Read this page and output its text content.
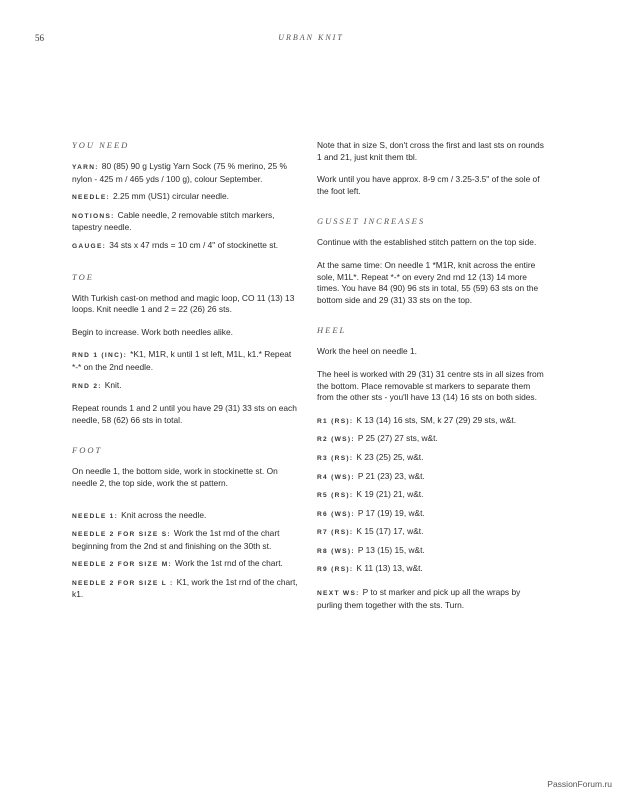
56	URBAN KNIT
YOU NEED

YARN: 80 (85) 90 g Lystig Yarn Sock (75 % merino, 25 % nylon - 425 m / 465 yds / 100 g), colour September.

NEEDLE: 2.25 mm (US1) circular needle.

NOTIONS: Cable needle, 2 removable stitch markers, tapestry needle.

GAUGE: 34 sts x 47 rnds = 10 cm / 4" of stockinette st.

TOE

With Turkish cast-on method and magic loop, CO 11 (13) 13 loops. Knit needle 1 and 2 = 22 (26) 26 sts.

Begin to increase. Work both needles alike.

RND 1 (INC): *K1, M1R, k until 1 st left, M1L, k1.* Repeat *-* on the 2nd needle.

RND 2: Knit.

Repeat rounds 1 and 2 until you have 29 (31) 33 sts on each needle, 58 (62) 66 sts in total.

FOOT

On needle 1, the bottom side, work in stockinette st. On needle 2, the top side, work the st pattern.

NEEDLE 1: Knit across the needle.

NEEDLE 2 FOR SIZE S: Work the 1st rnd of the chart beginning from the 2nd st and finishing on the 30th st.

NEEDLE 2 FOR SIZE M: Work the 1st rnd of the chart.

NEEDLE 2 FOR SIZE L : K1, work the 1st rnd of the chart, k1.

Note that in size S, don't cross the first and last sts on rounds 1 and 21, just knit them tbl.

Work until you have approx. 8-9 cm / 3.25-3.5" of the sole of the foot left.

GUSSET INCREASES

Continue with the established stitch pattern on the top side.

At the same time: On needle 1 *M1R, knit across the entire sole, M1L*. Repeat *-* on every 2nd rnd 12 (13) 14 more times. You have 84 (90) 96 sts in total, 55 (59) 63 sts on the bottom side and 29 (31) 33 sts on the top.

HEEL

Work the heel on needle 1.

The heel is worked with 29 (31) 31 centre sts in all sizes from the bottom. Place removable st markers to separate them from the other sts - you'll have 13 (14) 16 sts on both sides.

R1 (RS): K 13 (14) 16 sts, SM, k 27 (29) 29 sts, w&t.

R2 (WS): P 25 (27) 27 sts, w&t.

R3 (RS): K 23 (25) 25, w&t.

R4 (WS): P 21 (23) 23, w&t.

R5 (RS): K 19 (21) 21, w&t.

R6 (WS): P 17 (19) 19, w&t.

R7 (RS): K 15 (17) 17, w&t.

R8 (WS): P 13 (15) 15, w&t.

R9 (RS): K 11 (13) 13, w&t.

NEXT WS: P to st marker and pick up all the wraps by purling them together with the sts. Turn.

PassionForum.ru
